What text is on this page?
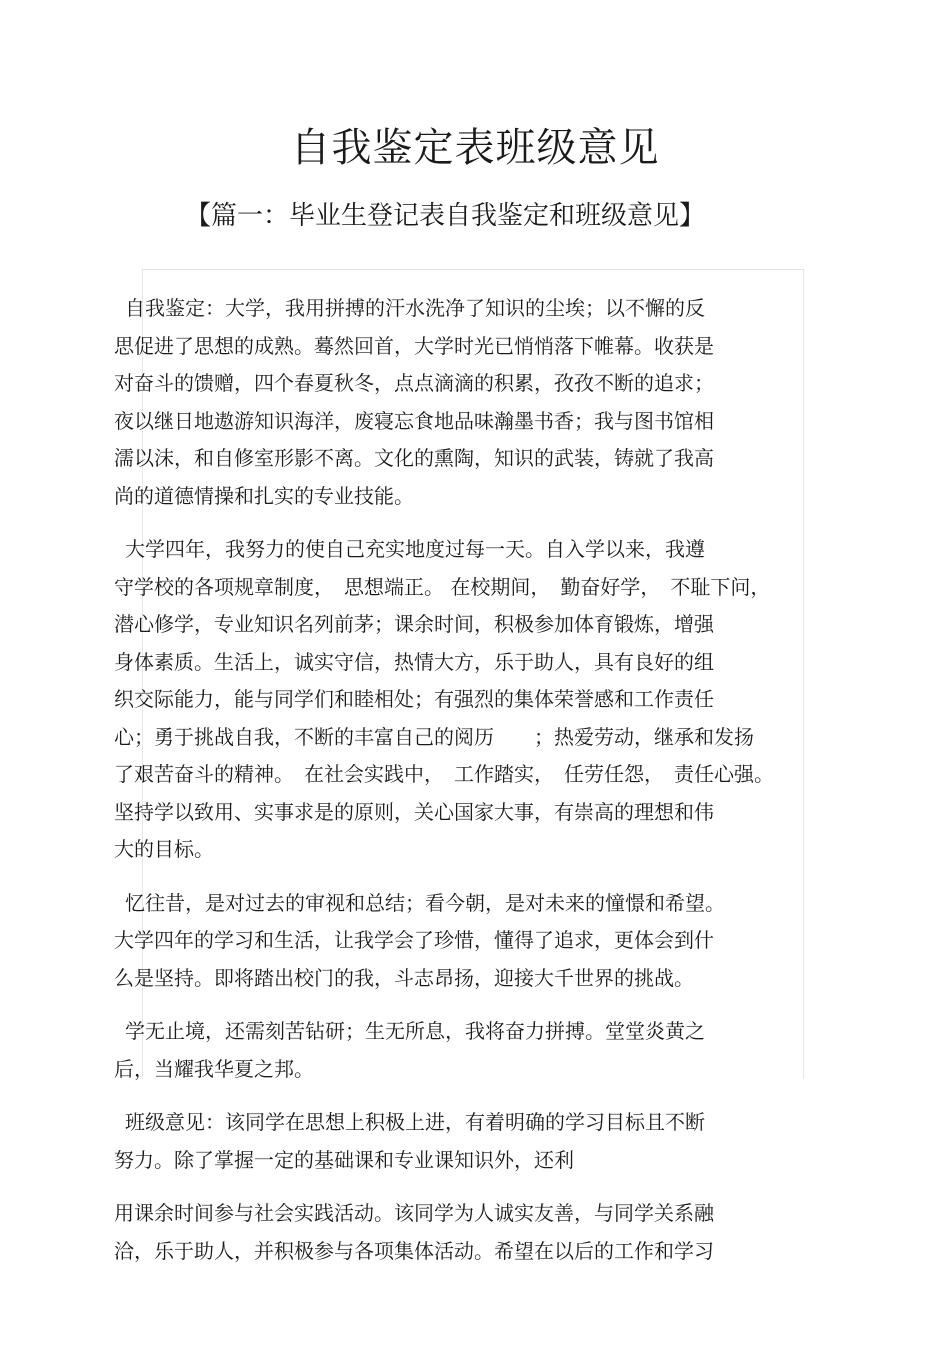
自我鉴定表班级意见
【篇一：毕业生登记表自我鉴定和班级意见】
自我鉴定：大学，我用拼搏的汗水洗净了知识的尘埃；以不懈的反
思促进了思想的成熟。蓦然回首，大学时光已悄悄落下帷幕。收获是
对奋斗的馈赠，四个春夏秋冬，点点滴滴的积累，孜孜不断的追求；
夜以继日地遨游知识海洋，废寝忘食地品味瀚墨书香；我与图书馆相
濡以沫，和自修室形影不离。文化的熏陶，知识的武装，铸就了我高
尚的道德情操和扎实的专业技能。
大学四年，我努力的使自己充实地度过每一天。自入学以来，我遵
守学校的各项规章制度，　思想端正。 在校期间，　勤奋好学，　不耻下问，
潜心修学，专业知识名列前茅；课余时间，积极参加体育锻炼，增强
身体素质。生活上，诚实守信，热情大方，乐于助人，具有良好的组
织交际能力，能与同学们和睦相处；有强烈的集体荣誉感和工作责任
心；勇于挑战自我，不断的丰富自己的阅历　　；热爱劳动，继承和发扬
了艰苦奋斗的精神。　在社会实践中，　工作踏实，　任劳任怨，　责任心强。
坚持学以致用、实事求是的原则，关心国家大事，有崇高的理想和伟
大的目标。
忆往昔，是对过去的审视和总结；看今朝，是对未来的憧憬和希望。
大学四年的学习和生活，让我学会了珍惜，懂得了追求，更体会到什
么是坚持。即将踏出校门的我，斗志昂扬，迎接大千世界的挑战。
学无止境，还需刻苦钻研；生无所息，我将奋力拼搏。堂堂炎黄之
后，当耀我华夏之邦。
班级意见：该同学在思想上积极上进，有着明确的学习目标且不断
努力。除了掌握一定的基础课和专业课知识外，还利
用课余时间参与社会实践活动。该同学为人诚实友善，与同学关系融
洽，乐于助人，并积极参与各项集体活动。希望在以后的工作和学习
